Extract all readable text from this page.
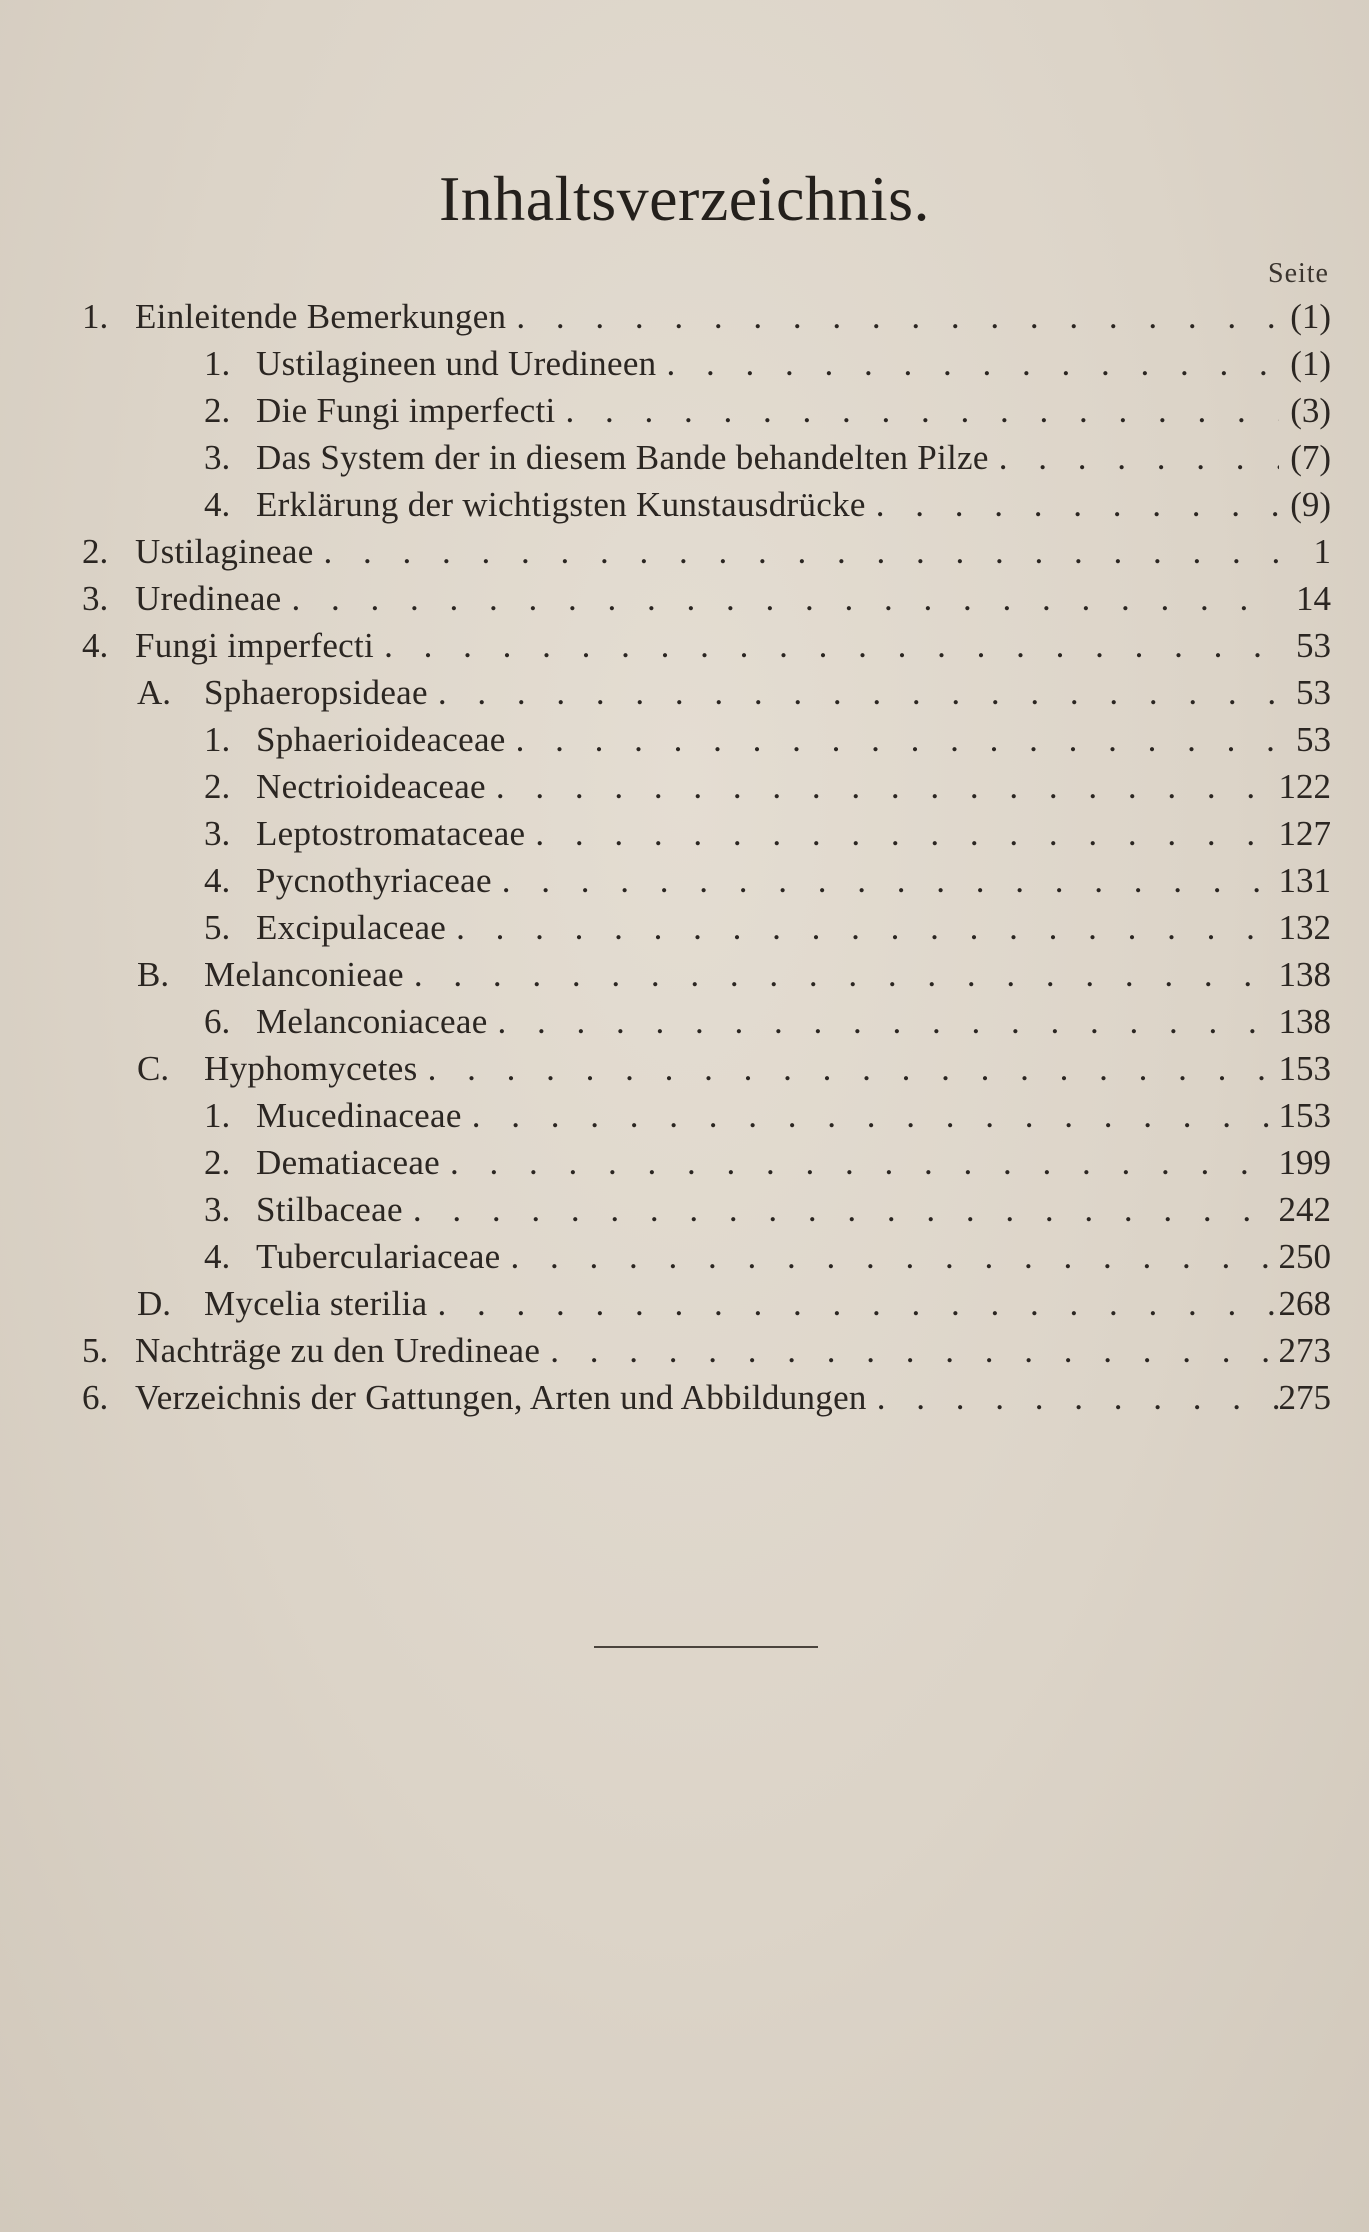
Inhaltsverzeichnis.
Seite
1. Einleitende Bemerkungen . . .	(1)
1. Ustilagineen und Uredineen . . .	(1)
2. Die Fungi imperfecti . . .	(3)
3. Das System der in diesem Bande behandelten Pilze . . .	(7)
4. Erklärung der wichtigsten Kunstausdrücke . . .	(9)
2. Ustilagineae . . .	1
3. Uredineae . . .	14
4. Fungi imperfecti . . .	53
A. Sphaeropsideae . . .	53
1. Sphaerioideaceae . . .	53
2. Nectrioideaceae . . .	122
3. Leptostromataceae . . .	127
4. Pycnothyriaceae . . .	131
5. Excipulaceae . . .	132
B. Melanconieae . . .	138
6. Melanconiaceae . . .	138
C. Hyphomycetes . . .	153
1. Mucedinaceae . . .	153
2. Dematiaceae . . .	199
3. Stilbaceae . . .	242
4. Tuberculariaceae . . .	250
D. Mycelia sterilia . . .	268
5. Nachträge zu den Uredineae . . .	273
6. Verzeichnis der Gattungen, Arten und Abbildungen . . .	275
